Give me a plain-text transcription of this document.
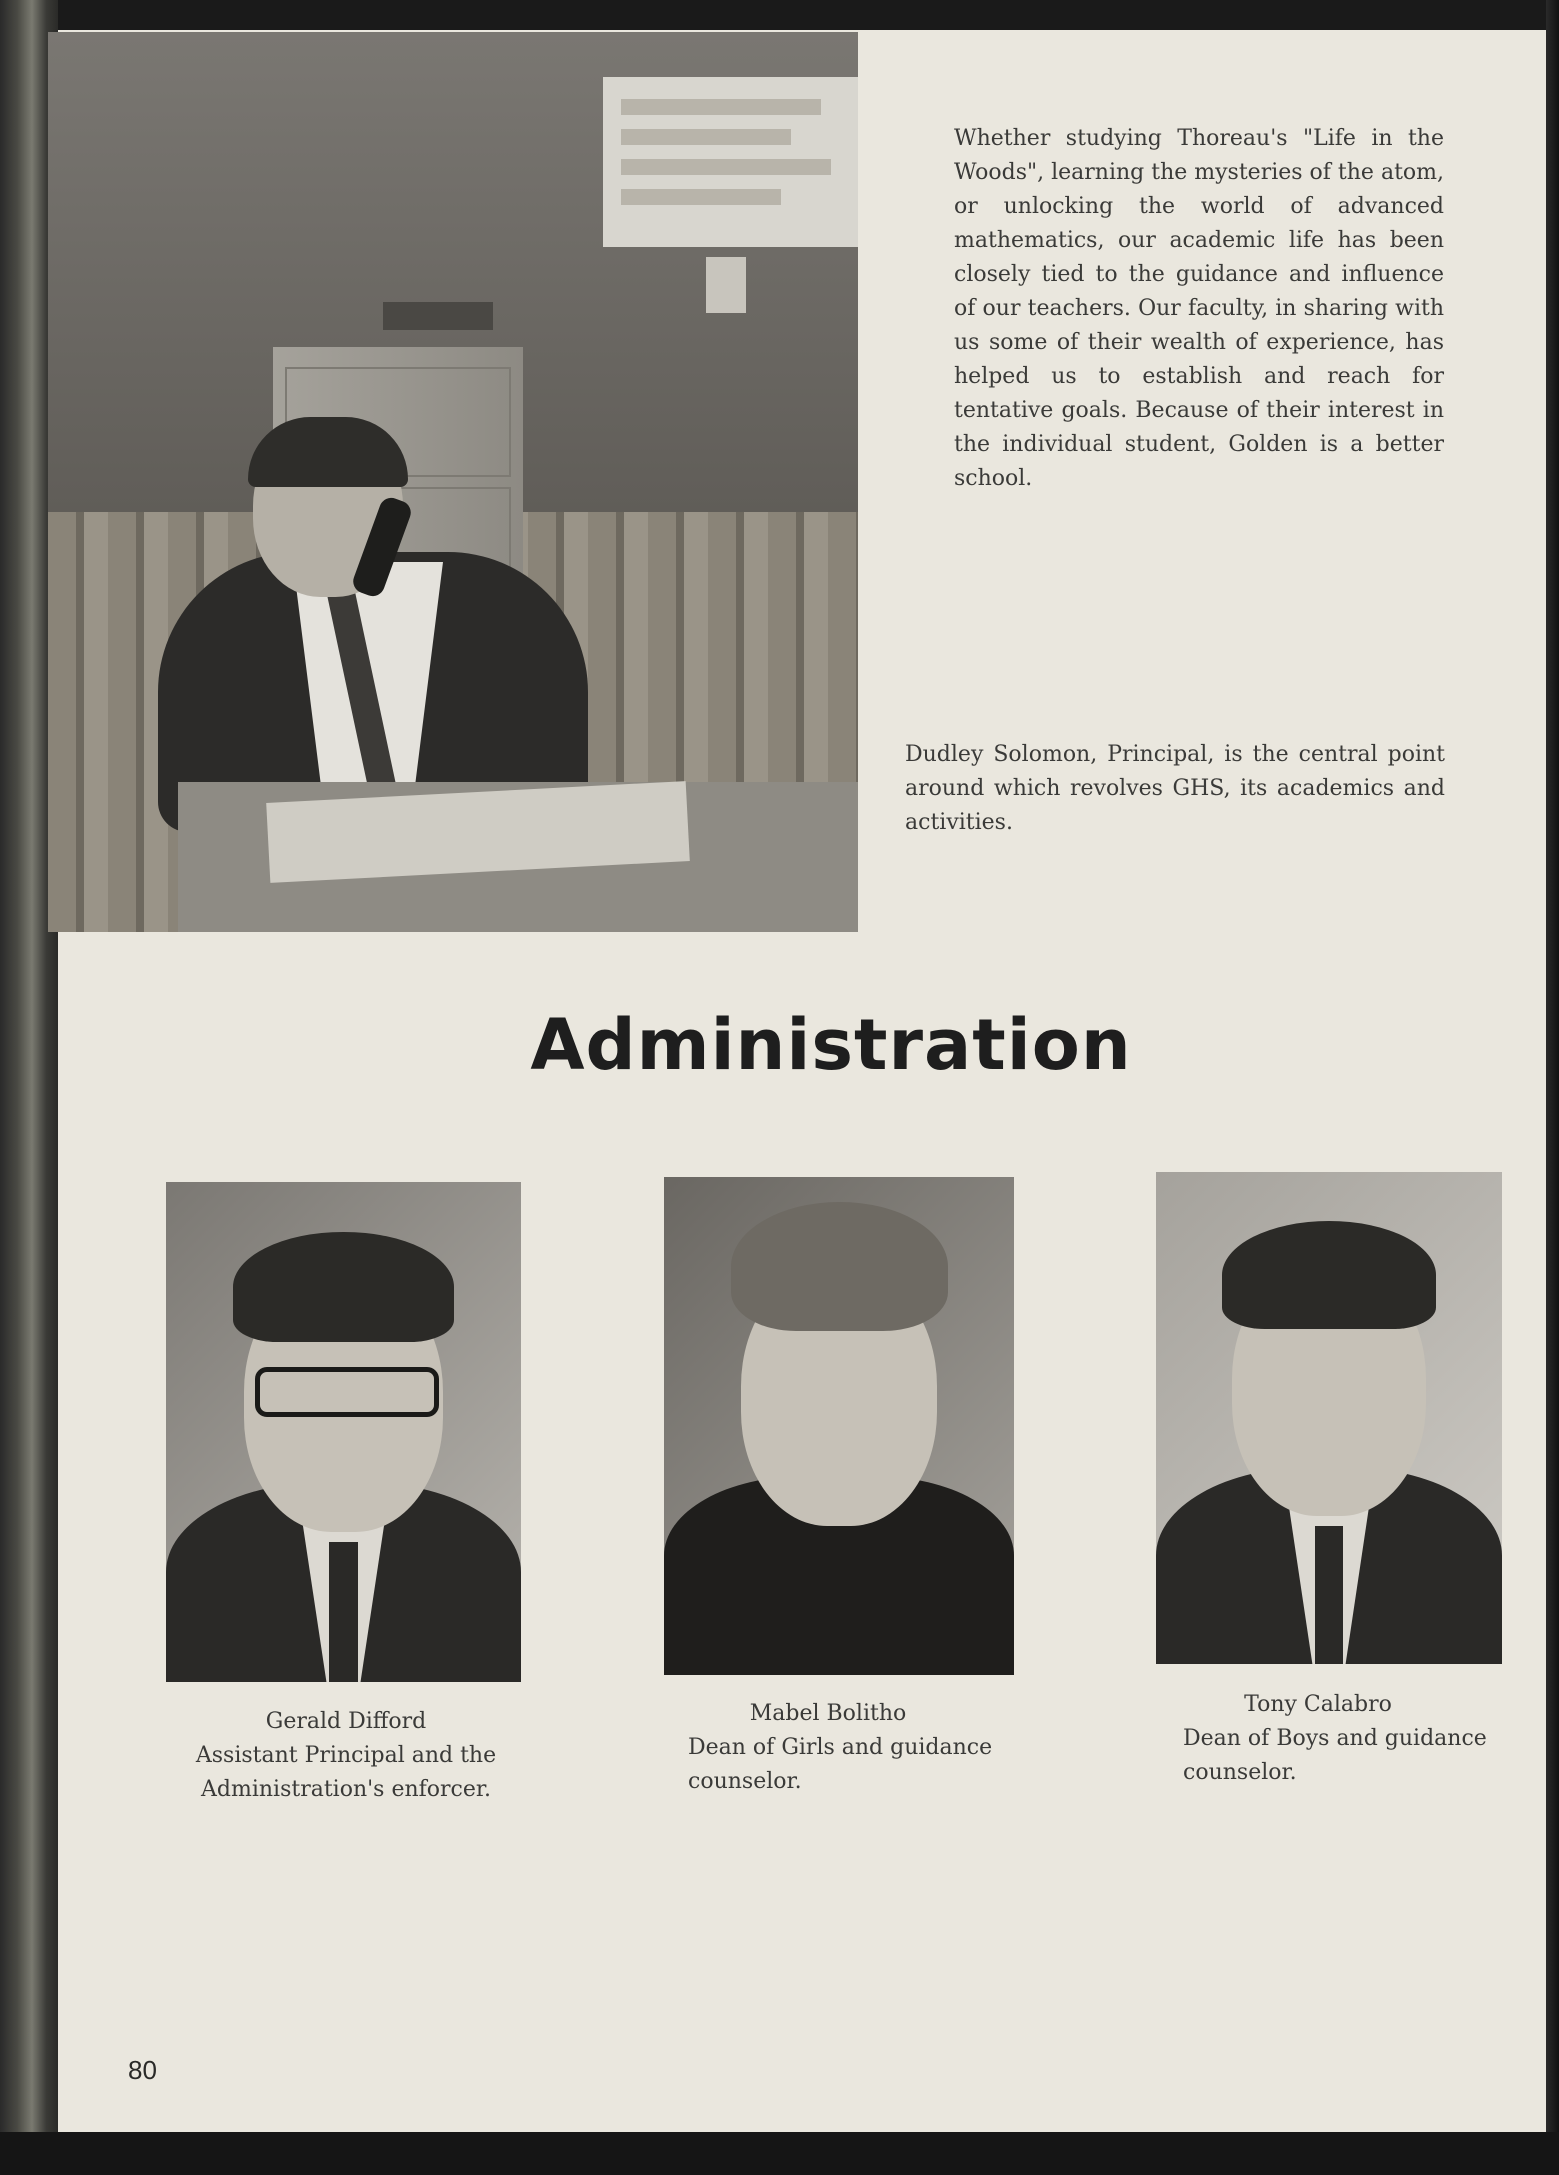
Whether studying Thoreau's "Life in the Woods", learning the mysteries of the atom, or unlocking the world of advanced mathematics, our academic life has been closely tied to the guidance and influence of our teachers. Our faculty, in sharing with us some of their wealth of experience, has helped us to establish and reach for tentative goals. Because of their interest in the individual student, Golden is a better school.

Dudley Solomon, Principal, is the central point around which revolves GHS, its academics and activities.

Administration
Gerald Difford
Assistant Principal and the Administration's enforcer.
Mabel Bolitho
Dean of Girls and guidance counselor.
Tony Calabro
Dean of Boys and guidance counselor.
80
